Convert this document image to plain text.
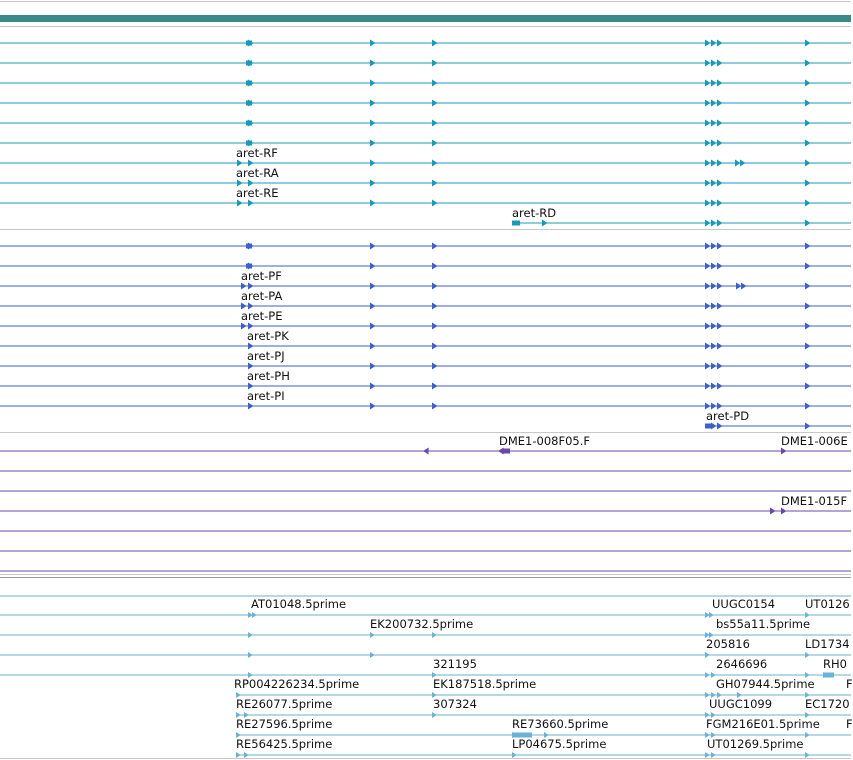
aret-RF
aret-RA
aret-RE
aret-RD
aret-PF
aret-PA
aret-PE
aret-PK
aret-PJ
aret-PH
aret-PI
aret-PD
DME1-008F05.F	DME1-006E
DME1-015F
AT01048.5prime	UUGC0154	UT0126
EK200732.5prime	bs55a11.5prime
205816	LD1734
321195	2646696	RH0
RP004226234.5prime	EK187518.5prime	GH07944.5prime	F
RE26077.5prime	307324	UUGC1099	EC1720
RE27596.5prime	RE73660.5prime	FGM216E01.5prime F
RE56425.5prime	LP04675.5prime	UT01269.5prime
